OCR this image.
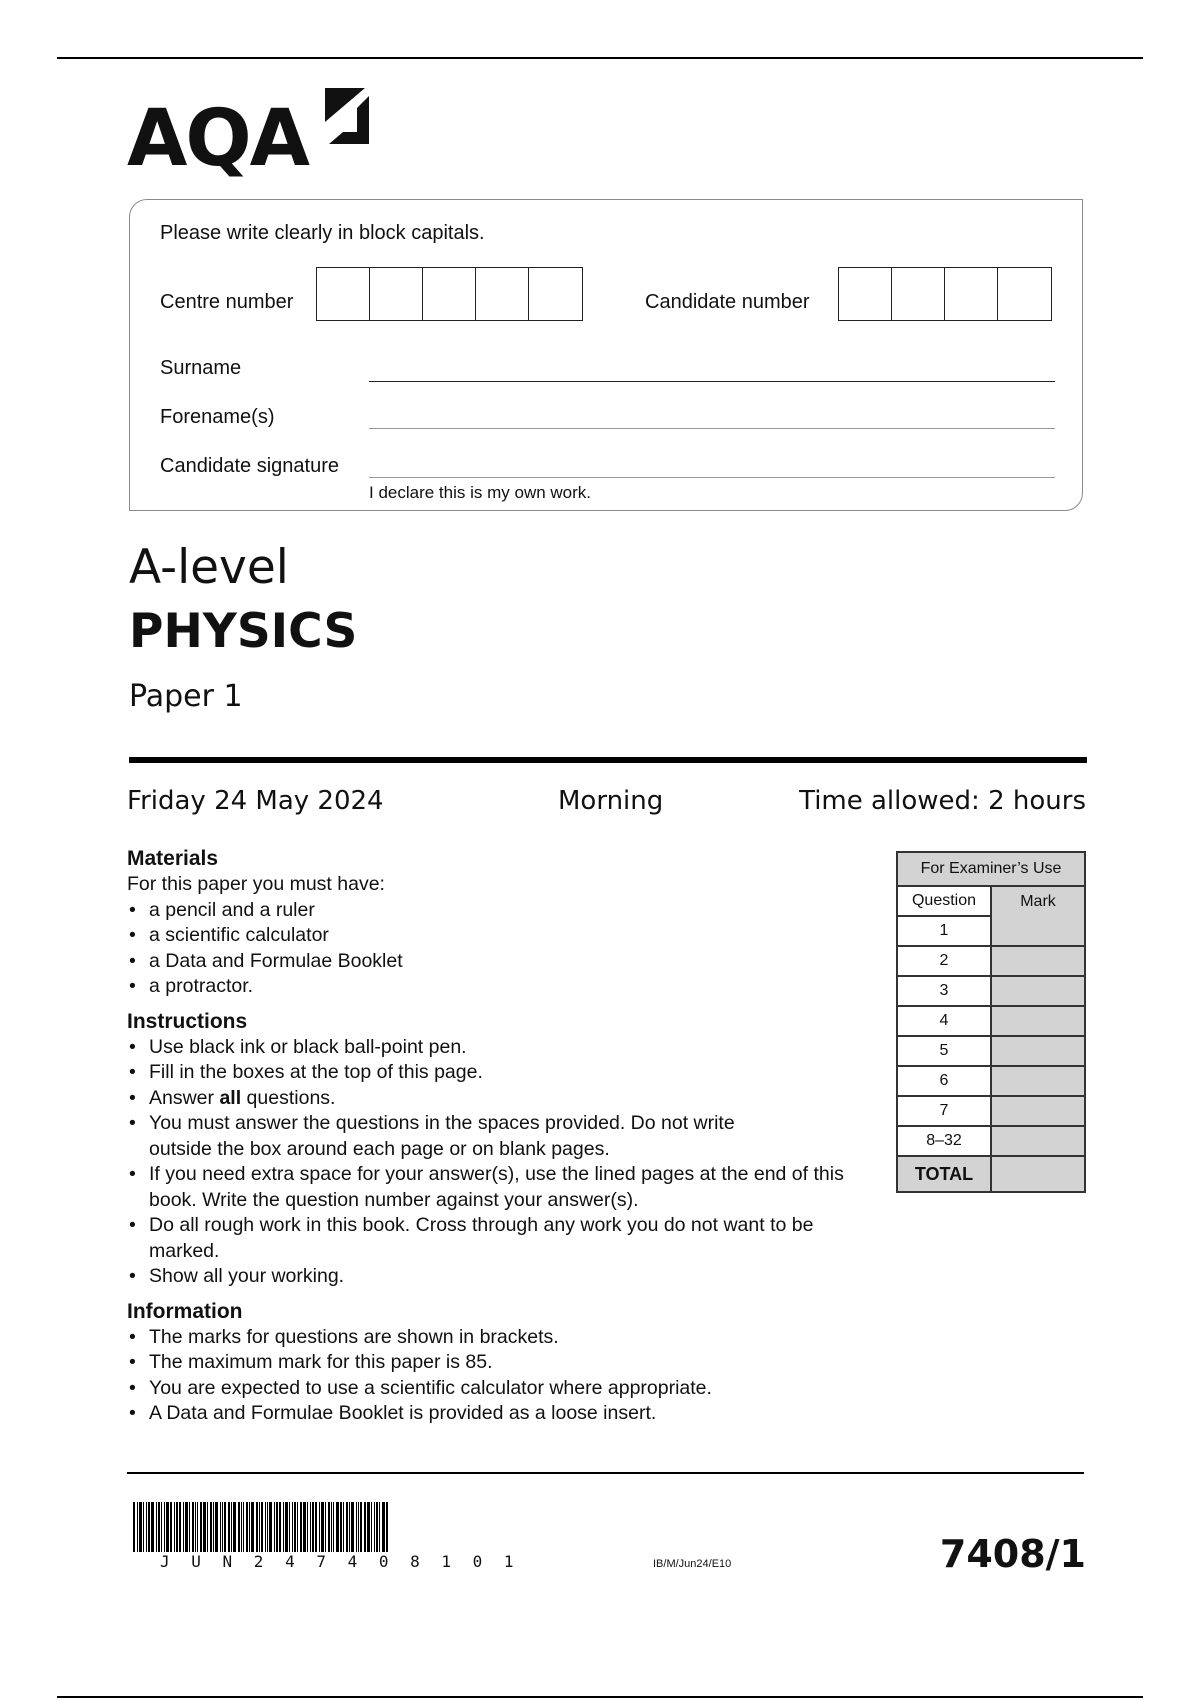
AQA
Please write clearly in block capitals.
Centre number	Candidate number
Surname
Forename(s)
Candidate signature
I declare this is my own work.
A-level
PHYSICS
Paper 1
Friday 24 May 2024	Morning	Time allowed: 2 hours
Materials
For this paper you must have:
• a pencil and a ruler
• a scientific calculator
• a Data and Formulae Booklet
• a protractor.
Instructions
• Use black ink or black ball-point pen.
• Fill in the boxes at the top of this page.
• Answer all questions.
• You must answer the questions in the spaces provided. Do not write outside the box around each page or on blank pages.
• If you need extra space for your answer(s), use the lined pages at the end of this book. Write the question number against your answer(s).
• Do all rough work in this book. Cross through any work you do not want to be marked.
• Show all your working.
Information
• The marks for questions are shown in brackets.
• The maximum mark for this paper is 85.
• You are expected to use a scientific calculator where appropriate.
• A Data and Formulae Booklet is provided as a loose insert.
For Examiner’s Use	
Question	Mark
1	
2	
3	
4	
5	
6	
7	
8–32	
TOTAL	
J U N 2 4 7 4 0 8 1 0 1	IB/M/Jun24/E10	7408/1
